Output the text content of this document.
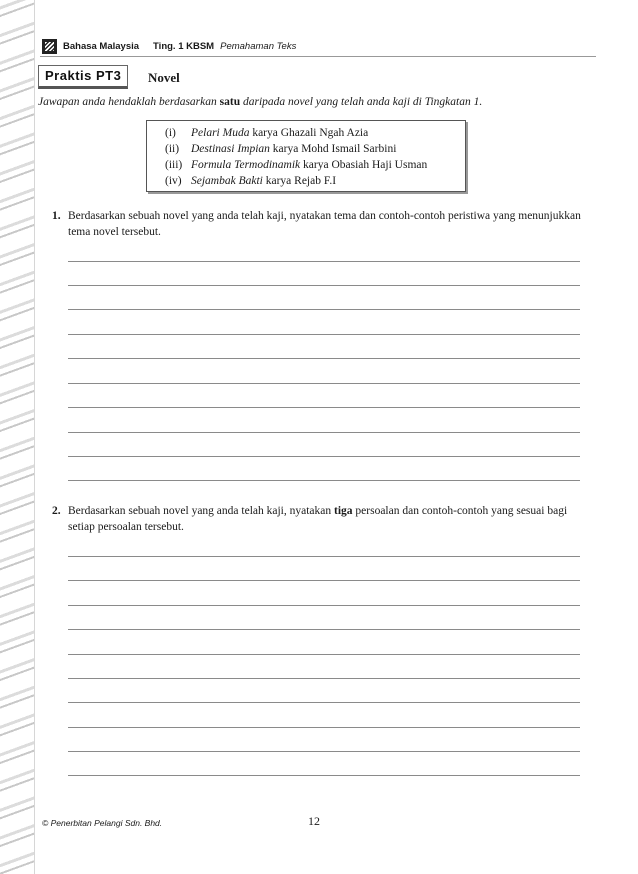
Bahasa Malaysia Ting. 1 KBSM Pemahaman Teks
Praktis PT3	Novel
Jawapan anda hendaklah berdasarkan satu daripada novel yang telah anda kaji di Tingkatan 1.
(i) Pelari Muda karya Ghazali Ngah Azia
(ii) Destinasi Impian karya Mohd Ismail Sarbini
(iii) Formula Termodinamik karya Obasiah Haji Usman
(iv) Sejambak Bakti karya Rejab F.I
1. Berdasarkan sebuah novel yang anda telah kaji, nyatakan tema dan contoh-contoh peristiwa yang menunjukkan tema novel tersebut.
2. Berdasarkan sebuah novel yang anda telah kaji, nyatakan tiga persoalan dan contoh-contoh yang sesuai bagi setiap persoalan tersebut.
© Penerbitan Pelangi Sdn. Bhd.	12
